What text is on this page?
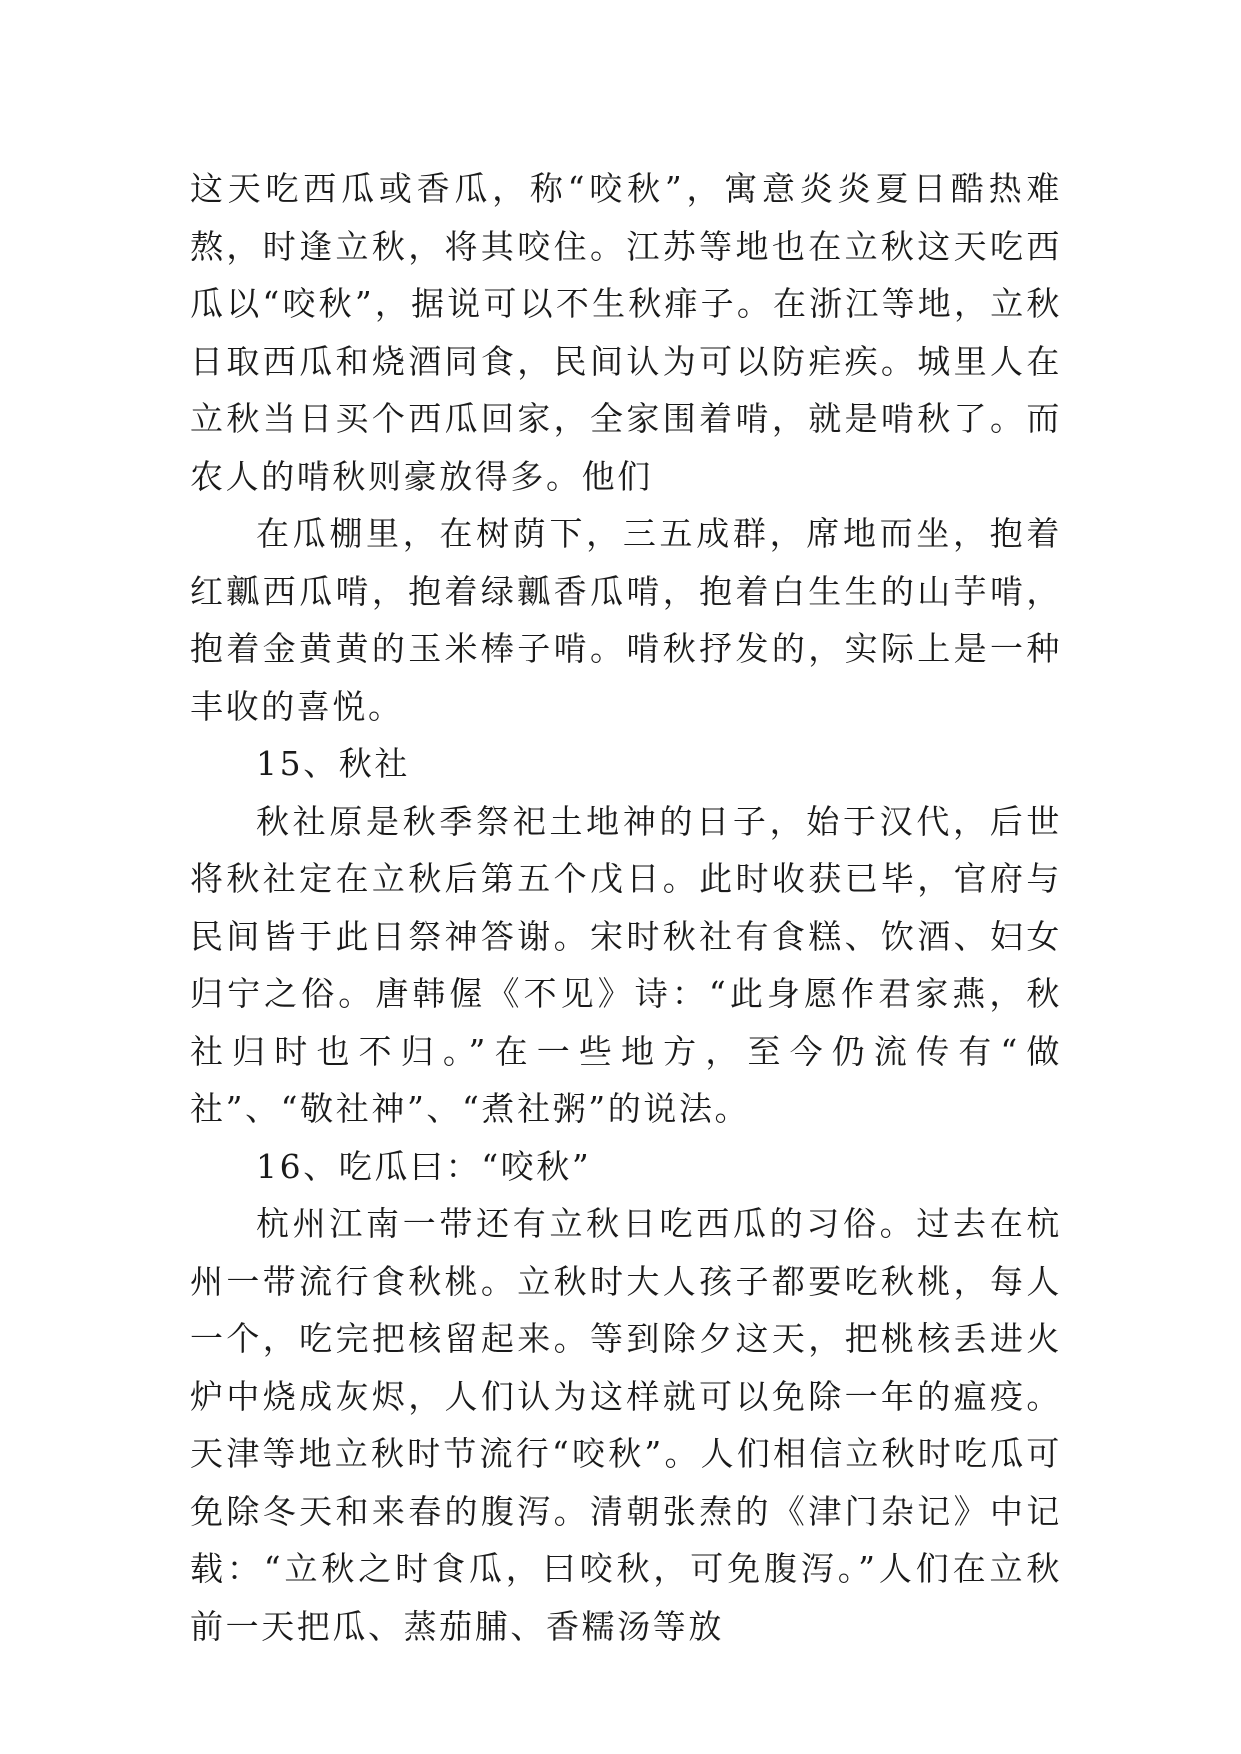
这天吃西瓜或香瓜，称“咬秋”，寓意炎炎夏日酷热难熬，时逢立秋，将其咬住。江苏等地也在立秋这天吃西瓜以“咬秋”，据说可以不生秋痱子。在浙江等地，立秋日取西瓜和烧酒同食，民间认为可以防疟疾。城里人在立秋当日买个西瓜回家，全家围着啃，就是啃秋了。而农人的啃秋则豪放得多。他们

在瓜棚里，在树荫下，三五成群，席地而坐，抱着红瓤西瓜啃，抱着绿瓤香瓜啃，抱着白生生的山芋啃，抱着金黄黄的玉米棒子啃。啃秋抒发的，实际上是一种丰收的喜悦。

15、秋社

秋社原是秋季祭祀土地神的日子，始于汉代，后世将秋社定在立秋后第五个戊日。此时收获已毕，官府与民间皆于此日祭神答谢。宋时秋社有食糕、饮酒、妇女归宁之俗。唐韩偓《不见》诗：“此身愿作君家燕，秋社归时也不归。”在一些地方，至今仍流传有“做社”、“敬社神”、“煮社粥”的说法。

16、吃瓜曰：“咬秋”

杭州江南一带还有立秋日吃西瓜的习俗。过去在杭州一带流行食秋桃。立秋时大人孩子都要吃秋桃，每人一个，吃完把核留起来。等到除夕这天，把桃核丢进火炉中烧成灰烬，人们认为这样就可以免除一年的瘟疫。天津等地立秋时节流行“咬秋”。人们相信立秋时吃瓜可免除冬天和来春的腹泻。清朝张焘的《津门杂记》中记载：“立秋之时食瓜，曰咬秋，可免腹泻。”人们在立秋前一天把瓜、蒸茄脯、香糯汤等放
